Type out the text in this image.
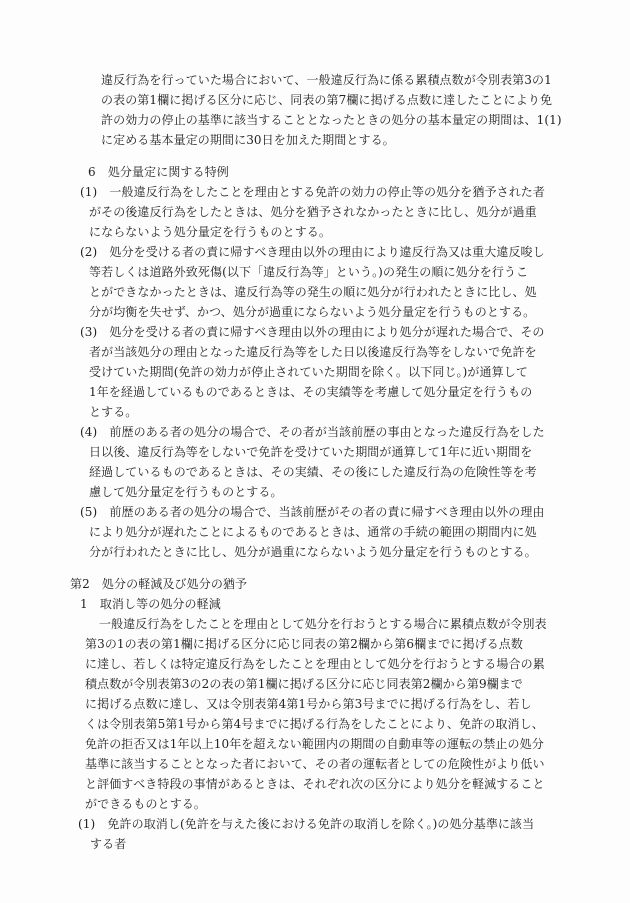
違反行為を行っていた場合において、一般違反行為に係る累積点数が令別表第3の1
の表の第1欄に掲げる区分に応じ、同表の第7欄に掲げる点数に達したことにより免
許の効力の停止の基準に該当することとなったときの処分の基本量定の期間は、1(1)
に定める基本量定の期間に30日を加えた期間とする。
6　処分量定に関する特例
(1)　一般違反行為をしたことを理由とする免許の効力の停止等の処分を猶予された者
がその後違反行為をしたときは、処分を猶予されなかったときに比し、処分が過重
にならないよう処分量定を行うものとする。
(2)　処分を受ける者の責に帰すべき理由以外の理由により違反行為又は重大違反唆し
等若しくは道路外致死傷(以下「違反行為等」という。)の発生の順に処分を行うこ
とができなかったときは、違反行為等の発生の順に処分が行われたときに比し、処
分が均衡を失せず、かつ、処分が過重にならないよう処分量定を行うものとする。
(3)　処分を受ける者の責に帰すべき理由以外の理由により処分が遅れた場合で、その
者が当該処分の理由となった違反行為等をした日以後違反行為等をしないで免許を
受けていた期間(免許の効力が停止されていた期間を除く。以下同じ。)が通算して
1年を経過しているものであるときは、その実績等を考慮して処分量定を行うもの
とする。
(4)　前歴のある者の処分の場合で、その者が当該前歴の事由となった違反行為をした
日以後、違反行為等をしないで免許を受けていた期間が通算して1年に近い期間を
経過しているものであるときは、その実績、その後にした違反行為の危険性等を考
慮して処分量定を行うものとする。
(5)　前歴のある者の処分の場合で、当該前歴がその者の責に帰すべき理由以外の理由
により処分が遅れたことによるものであるときは、通常の手続の範囲の期間内に処
分が行われたときに比し、処分が過重にならないよう処分量定を行うものとする。
第2　処分の軽減及び処分の猶予
1　取消し等の処分の軽減
一般違反行為をしたことを理由として処分を行おうとする場合に累積点数が令別表
第3の1の表の第1欄に掲げる区分に応じ同表の第2欄から第6欄までに掲げる点数
に達し、若しくは特定違反行為をしたことを理由として処分を行おうとする場合の累
積点数が令別表第3の2の表の第1欄に掲げる区分に応じ同表第2欄から第9欄まで
に掲げる点数に達し、又は令別表第4第1号から第3号までに掲げる行為をし、若し
くは令別表第5第1号から第4号までに掲げる行為をしたことにより、免許の取消し、
免許の拒否又は1年以上10年を超えない範囲内の期間の自動車等の運転の禁止の処分
基準に該当することとなった者において、その者の運転者としての危険性がより低い
と評価すべき特段の事情があるときは、それぞれ次の区分により処分を軽減すること
ができるものとする。
(1)　免許の取消し(免許を与えた後における免許の取消しを除く。)の処分基準に該当
する者
